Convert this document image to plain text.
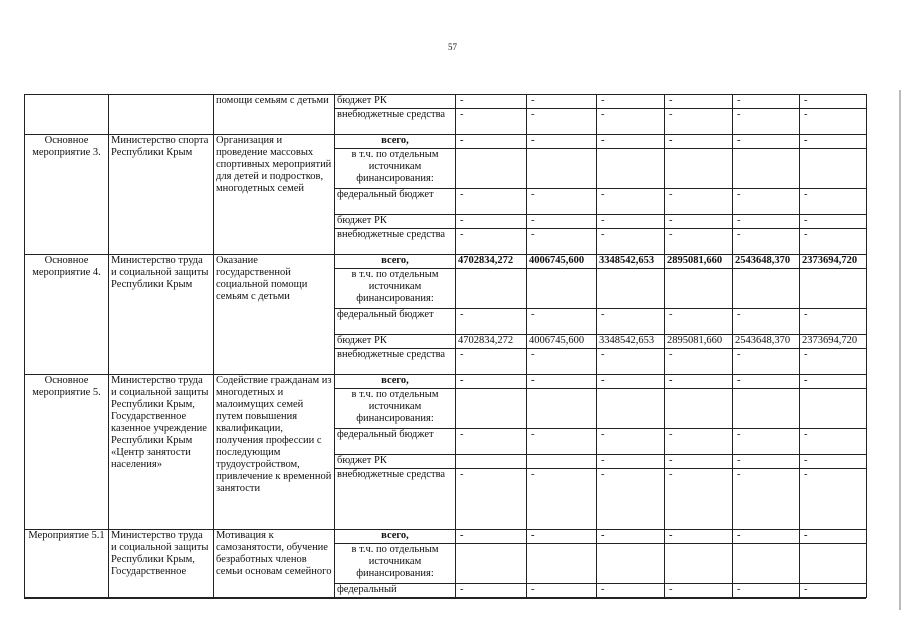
57
		помощи семьям с детьми	бюджет РК	-	-	-	-	-	-
			внебюджетные средства	-	-	-	-	-	-
Основное мероприятие 3.	Министерство спорта Республики Крым	Организация и проведение массовых спортивных мероприятий для детей и подростков, многодетных семей	всего,	-	-	-	-	-	-
			в т.ч. по отдельным источникам финансирования:						
			федеральный бюджет	-	-	-	-	-	-
			бюджет РК	-	-	-	-	-	-
			внебюджетные средства	-	-	-	-	-	-
Основное мероприятие 4.	Министерство труда и социальной защиты Республики Крым	Оказание государственной социальной помощи семьям с детьми	всего,	4702834,272	4006745,600	3348542,653	2895081,660	2543648,370	2373694,720
			в т.ч. по отдельным источникам финансирования:						
			федеральный бюджет	-	-	-	-	-	-
			бюджет РК	4702834,272	4006745,600	3348542,653	2895081,660	2543648,370	2373694,720
			внебюджетные средства	-	-	-	-	-	-
Основное мероприятие 5.	Министерство труда и социальной защиты Республики Крым, Государственное казенное учреждение Республики Крым «Центр занятости населения»	Содействие гражданам из многодетных и малоимущих семей путем повышения квалификации, получения профессии с последующим трудоустройством, привлечение к временной занятости	всего,	-	-	-	-	-	-
			в т.ч. по отдельным источникам финансирования:						
			федеральный бюджет	-	-	-	-	-	-
			бюджет РК			-	-	-	-
			внебюджетные средства	-	-	-	-	-	-
Мероприятие 5.1	Министерство труда и социальной защиты Республики Крым, Государственное	Мотивация к самозанятости, обучение безработных членов семьи основам семейного	всего,	-	-	-	-	-	-
			в т.ч. по отдельным источникам финансирования:						
			федеральный	-	-	-	-	-	-
